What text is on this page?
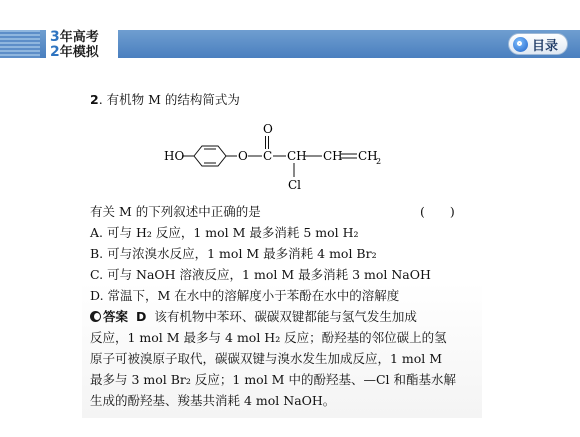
3年高考
2年模拟	目录
2. 有机物 M 的结构简式为
HO	O C
O
CH
Cl
CH CH
2
有关 M 的下列叙述中正确的是	(　　)
A. 可与 H₂ 反应，1 mol M 最多消耗 5 mol H₂
B. 可与浓溴水反应，1 mol M 最多消耗 4 mol Br₂
C. 可与 NaOH 溶液反应，1 mol M 最多消耗 3 mol NaOH
D. 常温下，M 在水中的溶解度小于苯酚在水中的溶解度
答案 D 该有机物中苯环、碳碳双键都能与氢气发生加成
反应，1 mol M 最多与 4 mol H₂ 反应；酚羟基的邻位碳上的氢
原子可被溴原子取代，碳碳双键与溴水发生加成反应，1 mol M
最多与 3 mol Br₂ 反应；1 mol M 中的酚羟基、—Cl 和酯基水解
生成的酚羟基、羧基共消耗 4 mol NaOH。
